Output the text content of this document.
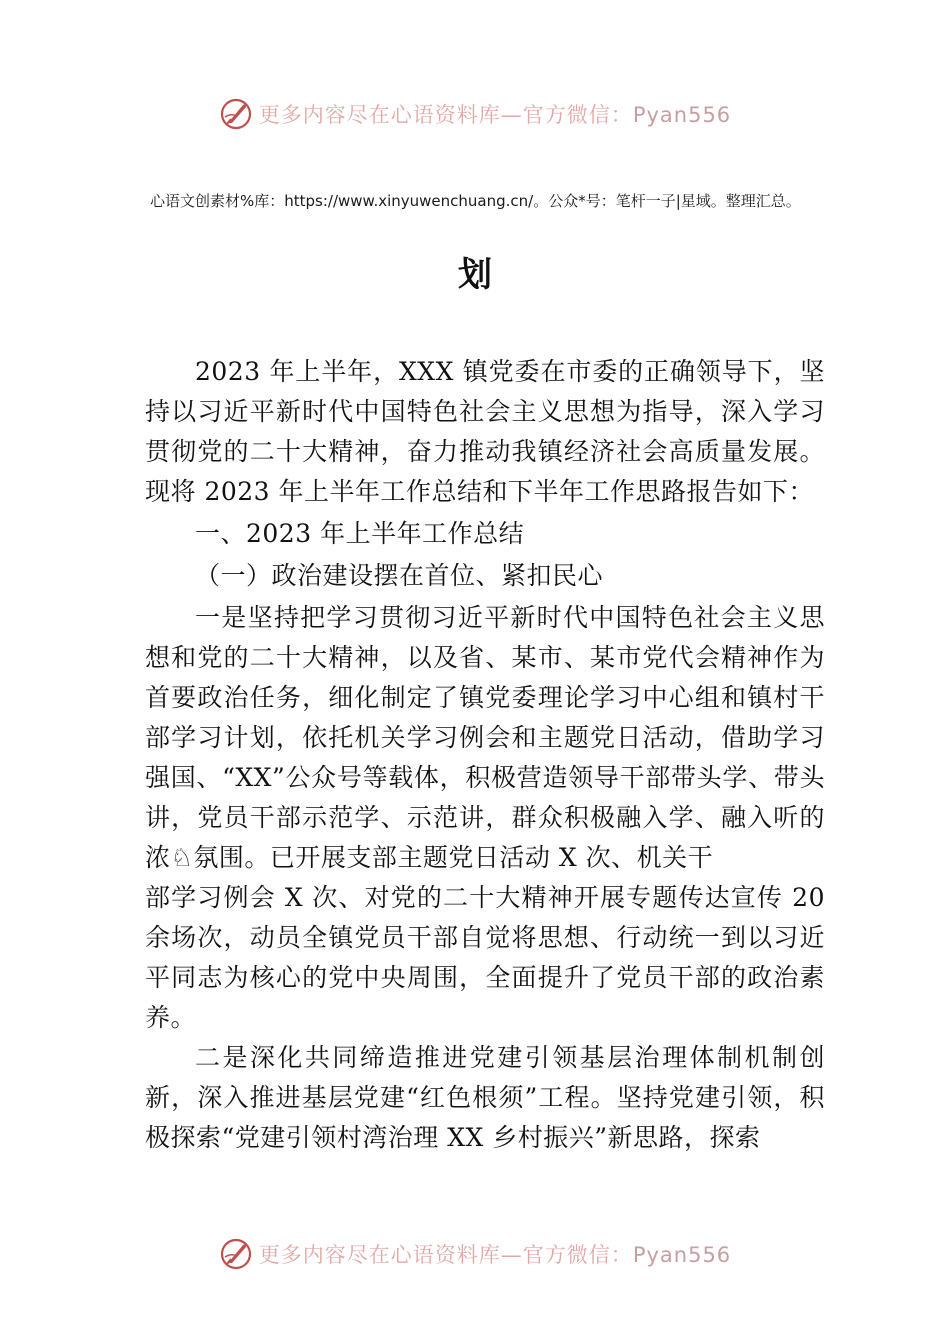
更多内容尽在心语资料库—官方微信：Pyan556
心语文创素材%库：https://www.xinyuwenchuang.cn/。公众*号：笔杆一子|星域。整理汇总。
划

2023 年上半年，XXX 镇党委在市委的正确领导下，坚持以习近平新时代中国特色社会主义思想为指导，深入学习贯彻党的二十大精神，奋力推动我镇经济社会高质量发展。现将 2023 年上半年工作总结和下半年工作思路报告如下：

一、2023 年上半年工作总结

（一）政治建设摆在首位、紧扣民心

一是坚持把学习贯彻习近平新时代中国特色社会主义思想和党的二十大精神，以及省、某市、某市党代会精神作为首要政治任务，细化制定了镇党委理论学习中心组和镇村干部学习计划，依托机关学习例会和主题党日活动，借助学习强国、“XX”公众号等载体，积极营造领导干部带头学、带头讲，党员干部示范学、示范讲，群众积极融入学、融入听的浓♘氛围。已开展支部主题党日活动 X 次、机关干

部学习例会 X 次、对党的二十大精神开展专题传达宣传 20 余场次，动员全镇党员干部自觉将思想、行动统一到以习近平同志为核心的党中央周围，全面提升了党员干部的政治素养。

二是深化共同缔造推进党建引领基层治理体制机制创新，深入推进基层党建“红色根须”工程。坚持党建引领，积极探索“党建引领村湾治理 XX 乡村振兴”新思路，探索

更多内容尽在心语资料库—官方微信：Pyan556
